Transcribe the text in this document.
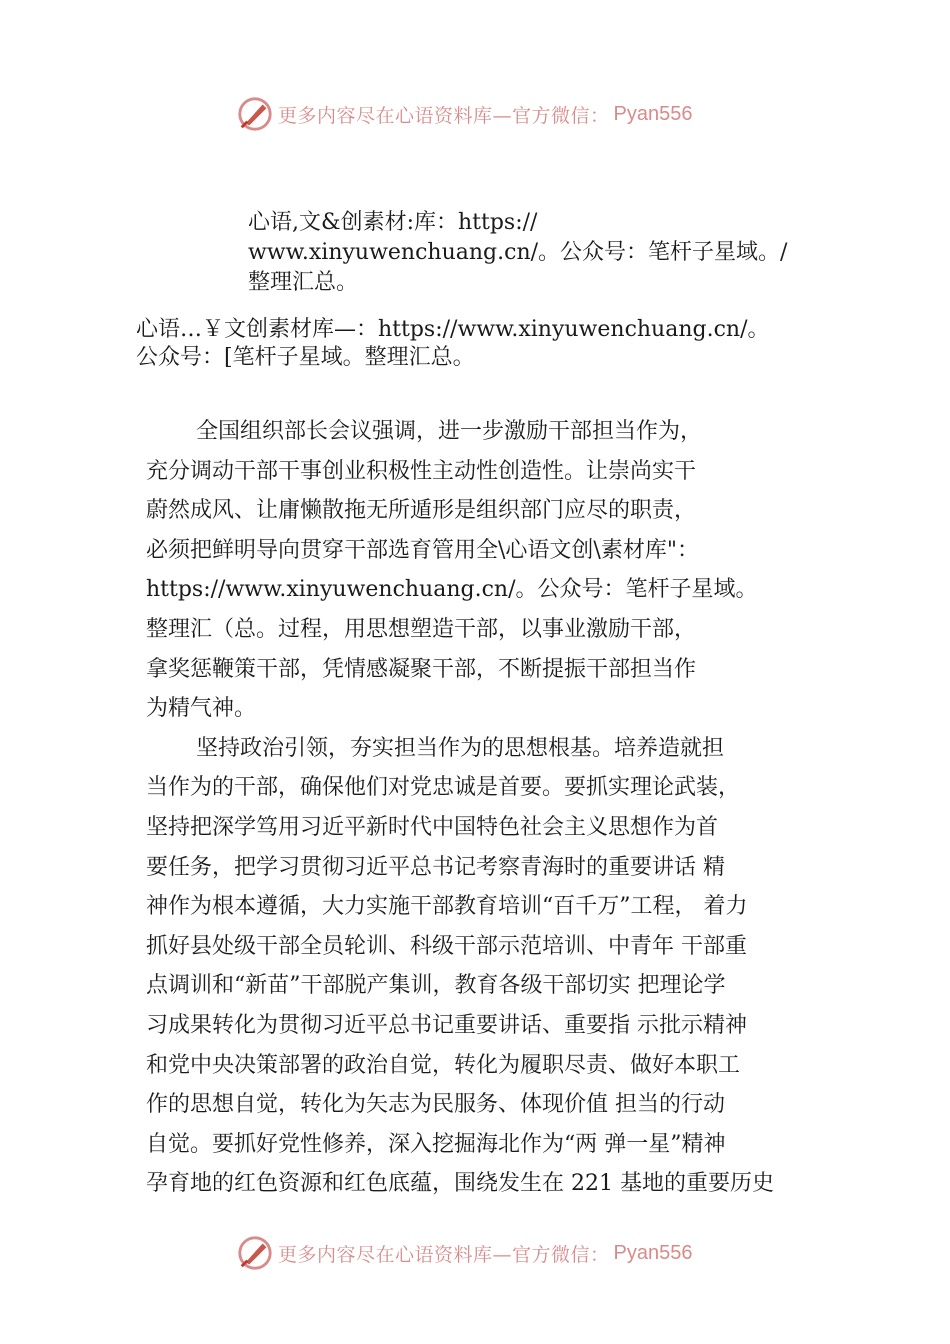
更多内容尽在心语资料库—官方微信： Pyan556
心语,文&创素材:库：https://
www.xinyuwenchuang.cn/。公众号：笔杆子星域。/
整理汇总。
心语…￥文创素材库—：https://www.xinyuwenchuang.cn/。
公众号：[笔杆子星域。整理汇总。
全国组织部长会议强调，进一步激励干部担当作为，
充分调动干部干事创业积极性主动性创造性。让崇尚实干
蔚然成风、让庸懒散拖无所遁形是组织部门应尽的职责，
必须把鲜明导向贯穿干部选育管用全\心语文创\素材库"：
https://www.xinyuwenchuang.cn/。公众号：笔杆子星域。
整理汇（总。过程，用思想塑造干部，以事业激励干部，
拿奖惩鞭策干部，凭情感凝聚干部，不断提振干部担当作
为精气神。
坚持政治引领，夯实担当作为的思想根基。培养造就担
当作为的干部，确保他们对党忠诚是首要。要抓实理论武装，
坚持把深学笃用习近平新时代中国特色社会主义思想作为首
要任务，把学习贯彻习近平总书记考察青海时的重要讲话 精
神作为根本遵循，大力实施干部教育培训“百千万”工程， 着力
抓好县处级干部全员轮训、科级干部示范培训、中青年 干部重
点调训和“新苗”干部脱产集训，教育各级干部切实 把理论学
习成果转化为贯彻习近平总书记重要讲话、重要指 示批示精神
和党中央决策部署的政治自觉，转化为履职尽责、做好本职工
作的思想自觉，转化为矢志为民服务、体现价值 担当的行动
自觉。要抓好党性修养，深入挖掘海北作为“两 弹一星”精神
孕育地的红色资源和红色底蕴，围绕发生在 221 基地的重要历史
更多内容尽在心语资料库—官方微信： Pyan556
